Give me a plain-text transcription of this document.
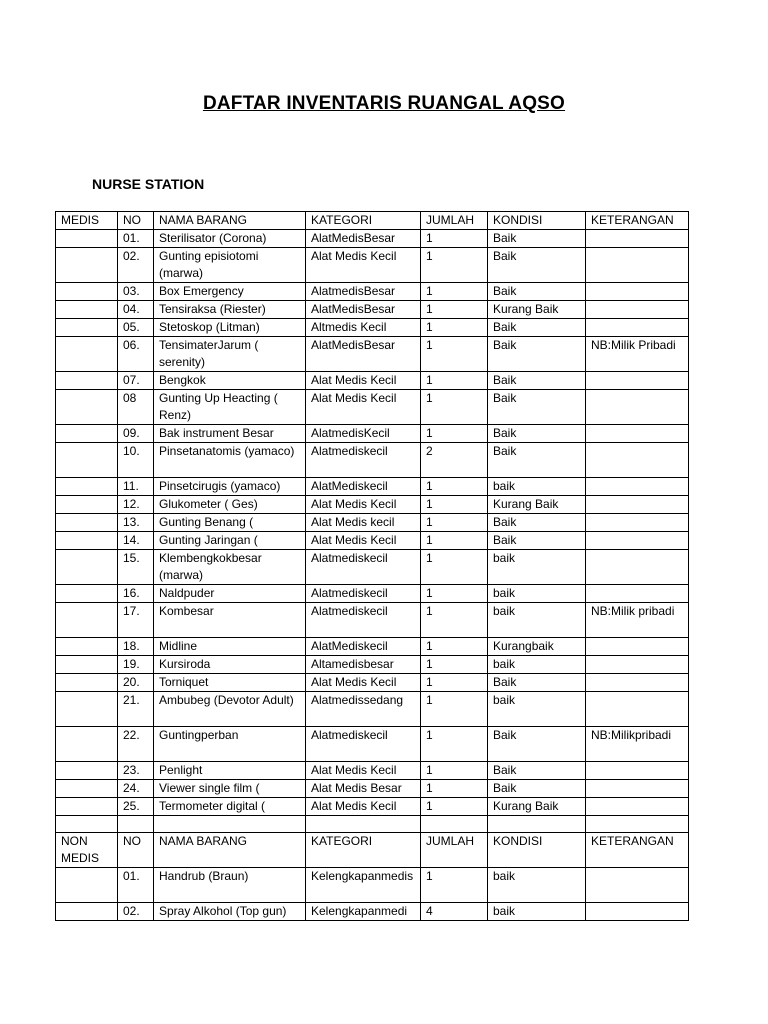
DAFTAR INVENTARIS RUANGAL AQSO
NURSE STATION
MEDIS	NO	NAMA BARANG	KATEGORI	JUMLAH	KONDISI	KETERANGAN
	01.	Sterilisator (Corona)	AlatMedisBesar	1	Baik	
	02.	Gunting episiotomi (marwa)	Alat Medis Kecil	1	Baik	
	03.	Box Emergency	AlatmedisBesar	1	Baik	
	04.	Tensiraksa (Riester)	AlatMedisBesar	1	Kurang Baik	
	05.	Stetoskop (Litman)	Altmedis Kecil	1	Baik	
	06.	TensimaterJarum ( serenity)	AlatMedisBesar	1	Baik	NB:Milik Pribadi
	07.	Bengkok	Alat Medis Kecil	1	Baik	
	08	Gunting Up Heacting ( Renz)	Alat Medis Kecil	1	Baik	
	09.	Bak instrument Besar	AlatmedisKecil	1	Baik	
	10.	Pinsetanatomis (yamaco)	Alatmediskecil	2	Baik	
	11.	Pinsetcirugis (yamaco)	AlatMediskecil	1	baik	
	12.	Glukometer ( Ges)	Alat Medis Kecil	1	Kurang Baik	
	13.	Gunting Benang (	Alat Medis kecil	1	Baik	
	14.	Gunting Jaringan (	Alat Medis Kecil	1	Baik	
	15.	Klembengkokbesar (marwa)	Alatmediskecil	1	baik	
	16.	Naldpuder	Alatmediskecil	1	baik	
	17.	Kombesar	Alatmediskecil	1	baik	NB:Milik pribadi
	18.	Midline	AlatMediskecil	1	Kurangbaik	
	19.	Kursiroda	Altamedisbesar	1	baik	
	20.	Torniquet	Alat Medis Kecil	1	Baik	
	21.	Ambubeg (Devotor Adult)	Alatmedissedang	1	baik	
	22.	Guntingperban	Alatmediskecil	1	Baik	NB:Milikpribadi
	23.	Penlight	Alat Medis Kecil	1	Baik	
	24.	Viewer single film (	Alat Medis Besar	1	Baik	
	25.	Termometer digital (	Alat Medis Kecil	1	Kurang Baik	

NON MEDIS	NO	NAMA BARANG	KATEGORI	JUMLAH	KONDISI	KETERANGAN
	01.	Handrub (Braun)	Kelengkapanmedis	1	baik	
	02.	Spray Alkohol (Top gun)	Kelengkapanmedi	4	baik	
